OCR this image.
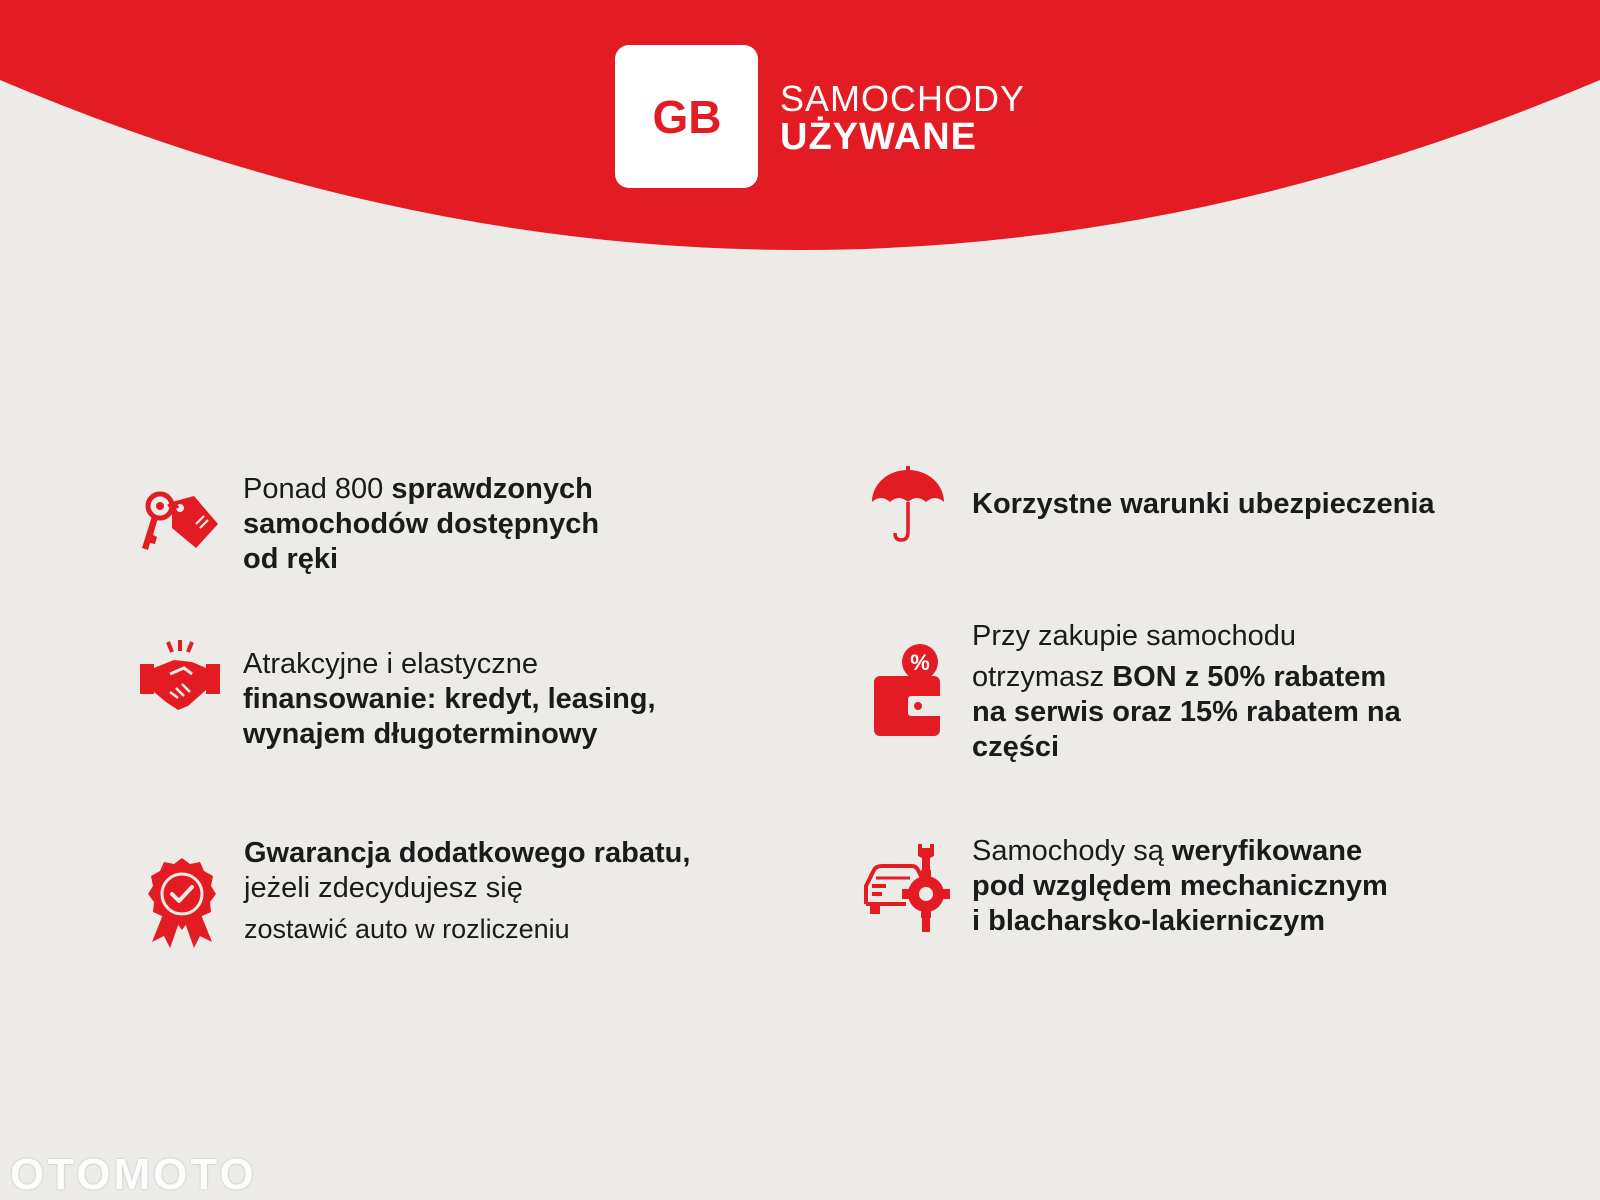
GB SAMOCHODY
UŻYWANE
Ponad 800 sprawdzonych
samochodów dostępnych
od ręki
Korzystne warunki ubezpieczenia
Atrakcyjne i elastyczne
finansowanie: kredyt, leasing,
wynajem długoterminowy
%
Przy zakupie samochodu
otrzymasz BON z 50% rabatem
na serwis oraz 15% rabatem na
części
Gwarancja dodatkowego rabatu,
jeżeli zdecydujesz się
zostawić auto w rozliczeniu
Samochody są weryfikowane
pod względem mechanicznym
i blacharsko-lakierniczym
OTOMOTO
